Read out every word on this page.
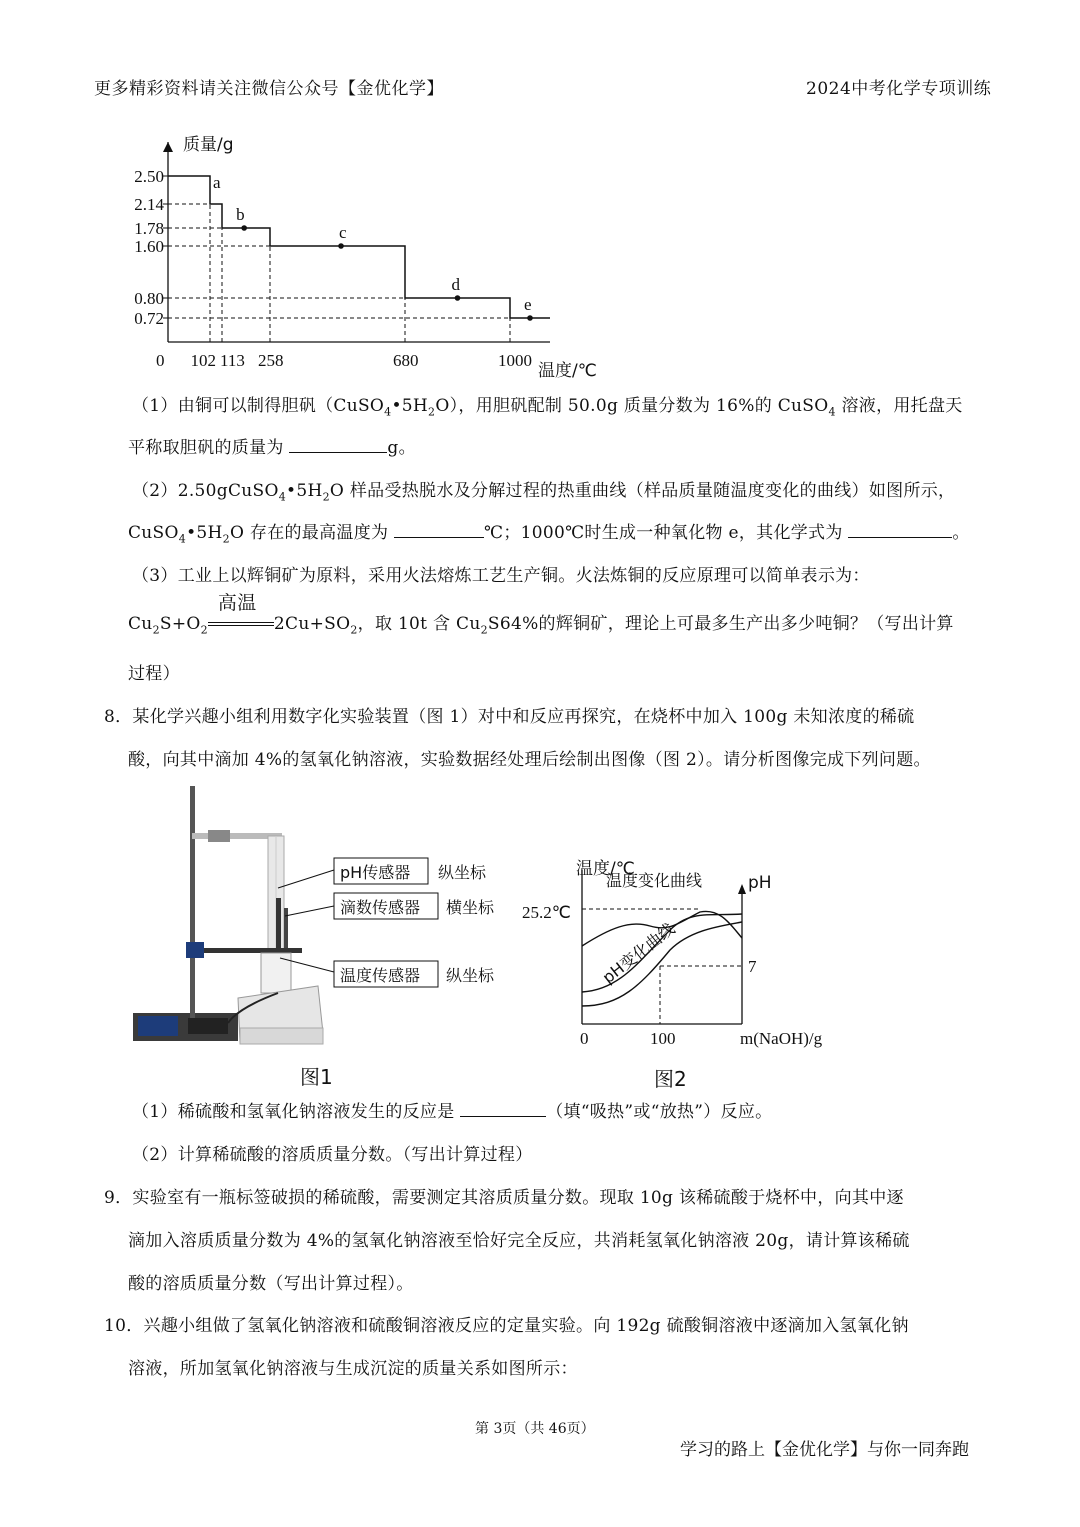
更多精彩资料请关注微信公众号【金优化学】	2024中考化学专项训练
质量/g
温度/℃
0
2.50
2.14
1.78
1.60
0.80
0.72
102 113 258	680	1000
a
b
c
d
e
（1）由铜可以制得胆矾$(CuSO_4•5H_2O)$，用胆矾配制 50.0g 质量分数为 16%的 CuSO$_4$ 溶液，用托盘天
平称取胆矾的质量为	g。
$(2)2.50gCuSO_4•5H_2O$ 样品受热脱水及分解过程的热重曲线（样品质量随温度变化的曲线）如图所示，
$CuSO_4•5H_2O$ 存在的最高温度为	℃；1000℃时生成一种氧化物 e，其化学式为	。
（3）工业上以辉铜矿为原料，采用火法熔炼工艺生产铜。火法炼铜的反应原理可以简单表示为：
$Cu_2S+O_2$
高温
$2Cu+SO_2$，取 10t 含 $Cu_2S64\%$的辉铜矿，理论上可最多生产出多少吨铜？（写出计算
过程）
8．某化学兴趣小组利用数字化实验装置（图 1）对中和反应再探究，在烧杯中加入 100g 未知浓度的稀硫
酸，向其中滴加 4%的氢氧化钠溶液，实验数据经处理后绘制出图像（图 2）。请分析图像完成下列问题。
pH传感器 纵坐标
滴数传感器 横坐标
温度传感器 纵坐标
图1
温度/℃
pH
m(NaOH)/g
0	100
25.2℃
7
温度变化曲线
pH变化曲线
图2
（1）稀硫酸和氢氧化钠溶液发生的反应是	（填“吸热”或“放热”）反应。
（2）计算稀硫酸的溶质质量分数。（写出计算过程）
9．实验室有一瓶标签破损的稀硫酸，需要测定其溶质质量分数。现取 10g 该稀硫酸于烧杯中，向其中逐
滴加入溶质质量分数为 4%的氢氧化钠溶液至恰好完全反应，共消耗氢氧化钠溶液 20g，请计算该稀硫
酸的溶质质量分数（写出计算过程）。
10．兴趣小组做了氢氧化钠溶液和硫酸铜溶液反应的定量实验。向 192g 硫酸铜溶液中逐滴加入氢氧化钠
溶液，所加氢氧化钠溶液与生成沉淀的质量关系如图所示：
第 3页（共 46页）
学习的路上【金优化学】与你一同奔跑
